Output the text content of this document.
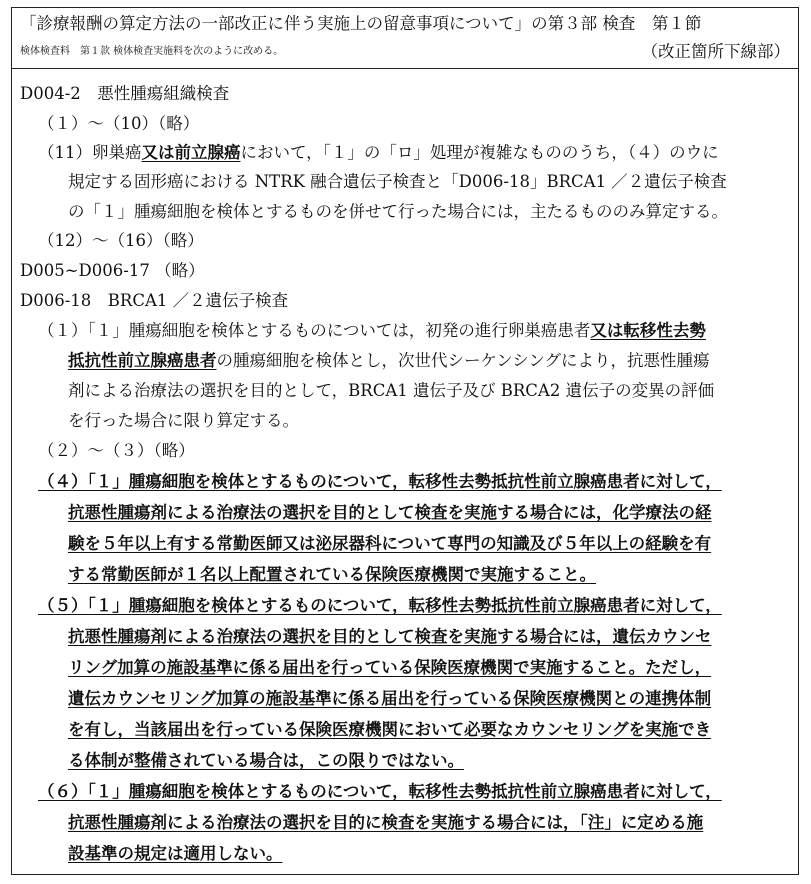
「診療報酬の算定方法の一部改正に伴う実施上の留意事項について」の第３部 検査　第１節
検体検査料　第１款 検体検査実施料を次のように改める。	（改正箇所下線部）
D004-2　悪性腫瘍組織検査
（１）～（10）（略）
（11）卵巣癌又は前立腺癌において，「１」の「ロ」処理が複雑なもののうち，（４）のウに
規定する固形癌における NTRK 融合遺伝子検査と「D006-18」BRCA1 ／２遺伝子検査
の「１」腫瘍細胞を検体とするものを併せて行った場合には，主たるもののみ算定する。
（12）～（16）（略）
D005~D006-17 （略）
D006-18　BRCA1 ／２遺伝子検査
（１）「１」腫瘍細胞を検体とするものについては，初発の進行卵巣癌患者又は転移性去勢
抵抗性前立腺癌患者の腫瘍細胞を検体とし，次世代シーケンシングにより，抗悪性腫瘍
剤による治療法の選択を目的として，BRCA1 遺伝子及び BRCA2 遺伝子の変異の評価
を行った場合に限り算定する。
（２）～（３）（略）
（４）「１」腫瘍細胞を検体とするものについて，転移性去勢抵抗性前立腺癌患者に対して，
抗悪性腫瘍剤による治療法の選択を目的として検査を実施する場合には，化学療法の経
験を５年以上有する常勤医師又は泌尿器科について専門の知識及び５年以上の経験を有
する常勤医師が１名以上配置されている保険医療機関で実施すること。
（５）「１」腫瘍細胞を検体とするものについて，転移性去勢抵抗性前立腺癌患者に対して，
抗悪性腫瘍剤による治療法の選択を目的として検査を実施する場合には，遺伝カウンセ
リング加算の施設基準に係る届出を行っている保険医療機関で実施すること。ただし，
遺伝カウンセリング加算の施設基準に係る届出を行っている保険医療機関との連携体制
を有し，当該届出を行っている保険医療機関において必要なカウンセリングを実施でき
る体制が整備されている場合は，この限りではない。
（６）「１」腫瘍細胞を検体とするものについて，転移性去勢抵抗性前立腺癌患者に対して，
抗悪性腫瘍剤による治療法の選択を目的に検査を実施する場合には，「注」に定める施
設基準の規定は適用しない。
